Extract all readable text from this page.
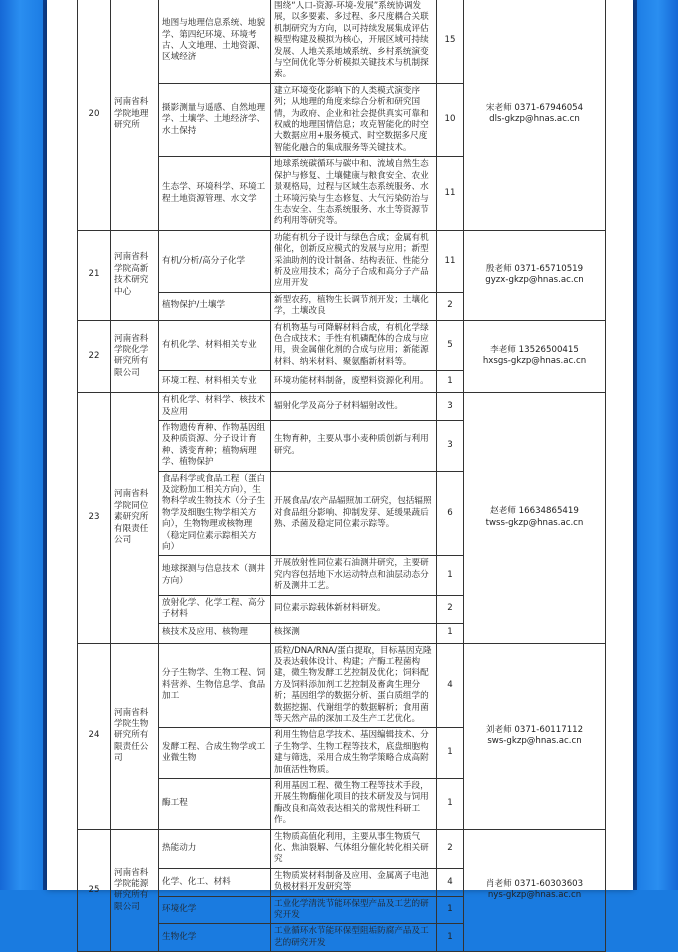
20	河南省科学院地理研究所	地图与地理信息系统、地貌学、第四纪环境、环境考古、人文地理、土地资源、区域经济	围绕“人口-资源-环境-发展”系统协调发展，以多要素、多过程、多尺度耦合关联机制研究为方向，以可持续发展集成评估模型构建及模拟为核心，开展区域可持续发展、人地关系地域系统、乡村系统演变与空间优化等分析模拟关键技术与机制探索。	15	宋老师 0371-67946054
dls-gkzp@hnas.ac.cn

		摄影测量与遥感、自然地理学、土壤学、土地经济学、水土保持	建立环境变化影响下的人类模式演变序列；从地理的角度来综合分析和研究国情，为政府、企业和社会提供真实可靠和权威的地理国情信息；攻克智能化的时空大数据应用+服务模式、时空数据多尺度智能化融合的集成服务等关键技术。	10	
		生态学、环境科学、环境工程土地资源管理、水文学	地球系统碳循环与碳中和、流域自然生态保护与修复、土壤健康与粮食安全、农业景观格局，过程与区域生态系统服务、水土环境污染与生态修复、大气污染防治与生态安全、生态系统服务、水土等资源节约利用等研究等。	11	
21	河南省科学院高新技术研究中心	有机/分析/高分子化学	功能有机分子设计与绿色合成；金属有机催化，创新反应模式的发展与应用；新型采油助剂的设计制备、结构表征、性能分析及应用技术；高分子合成和高分子产品应用开发	11	殷老师 0371-65710519
gyzx-gkzp@hnas.ac.cn

		植物保护/土壤学	新型农药，植物生长调节剂开发；土壤化学，土壤改良	2	
22	河南省科学院化学研究所有限公司	有机化学、材料相关专业	有机物基与可降解材料合成，有机化学绿色合成技术；手性有机磷配体的合成与应用，贵金属催化剂的合成与应用；新能源材料、纳米材料、聚氨酯新材料等。	5	李老师 13526500415
hxsgs-gkzp@hnas.ac.cn

		环境工程、材料相关专业	环境功能材料制备，废塑料资源化利用。	1	
23	河南省科学院同位素研究所有限责任公司	有机化学、材料学、核技术及应用	辐射化学及高分子材料辐射改性。	3	赵老师 16634865419
twss-gkzp@hnas.ac.cn

		作物遗传育种、作物基因组及种质资源、分子设计育种、诱变育种；植物病理学、植物保护	生物育种，主要从事小麦种质创新与利用研究。	3	
		食品科学或食品工程（蛋白及淀粉加工相关方向），生物科学或生物技术（分子生物学及细胞生物学相关方向），生物物理或核物理（稳定同位素示踪相关方向）	开展食品/农产品辐照加工研究，包括辐照对食品组分影响、抑制发芽、延缓果蔬后熟、杀菌及稳定同位素示踪等。	6	
		地球探测与信息技术（测井方向）	开展放射性同位素石油测井研究，主要研究内容包括地下水运动特点和油层动态分析及测井工艺。	1	
		放射化学、化学工程、高分子材料	同位素示踪载体新材料研发。	2	
		核技术及应用、核物理	核探测	1	
24	河南省科学院生物研究所有限责任公司	分子生物学、生物工程、饲料营养、生物信息学、食品加工	质粒/DNA/RNA/蛋白提取，目标基因克隆及表达载体设计、构建；产酶工程菌构建，微生物发酵工艺控制及优化；饲料配方及饲料添加剂工艺控制及畜禽生理分析；基因组学的数据分析、蛋白质组学的数据挖掘、代谢组学的数据解析；食用菌等天然产品的深加工及生产工艺优化。	4	刘老师 0371-60117112
sws-gkzp@hnas.ac.cn

		发酵工程、合成生物学或工业微生物	利用生物信息学技术、基因编辑技术、分子生物学、生物工程等技术，底盘细胞构建与筛选，采用合成生物学策略合成高附加值活性物质。	1	
		酶工程	利用基因工程、微生物工程等技术手段，开展生物酶催化项目的技术研发及与饲用酶改良和高效表达相关的常规性科研工作。	1	
25	河南省科学院能源研究所有限公司	热能动力	生物质高值化利用，主要从事生物质气化、焦油裂解、气体组分催化转化相关研究	2	肖老师 0371-60303603
nys-gkzp@hnas.ac.cn

		化学、化工、材料	生物质炭材料制备及应用、金属离子电池负极材料开发研究等	4	
		环境化学	工业化学清洗节能环保型产品及工艺的研究开发	1	
		生物化学	工业循环水节能环保型阻垢防腐产品及工艺的研究开发	1	
